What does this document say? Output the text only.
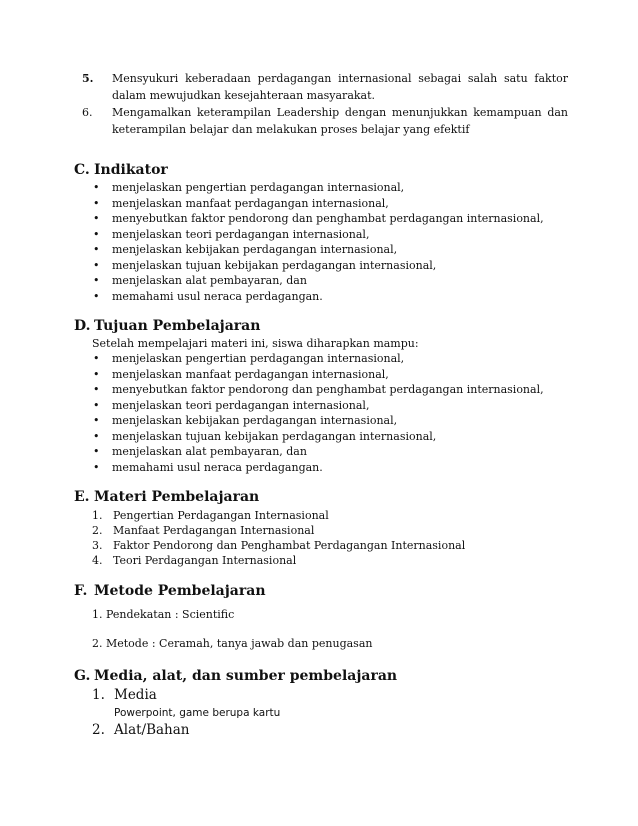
5. Mensyukuri keberadaan perdagangan internasional sebagai salah satu faktor dalam mewujudkan kesejahteraan masyarakat.
6. Mengamalkan keterampilan Leadership dengan menunjukkan kemampuan dan keterampilan belajar dan melakukan proses belajar yang efektif
C. Indikator
• menjelaskan pengertian perdagangan internasional,
• menjelaskan manfaat perdagangan internasional,
• menyebutkan faktor pendorong dan penghambat perdagangan internasional,
• menjelaskan teori perdagangan internasional,
• menjelaskan kebijakan perdagangan internasional,
• menjelaskan tujuan kebijakan perdagangan internasional,
• menjelaskan alat pembayaran, dan
• memahami usul neraca perdagangan.
D. Tujuan Pembelajaran
Setelah mempelajari materi ini, siswa diharapkan mampu:
• menjelaskan pengertian perdagangan internasional,
• menjelaskan manfaat perdagangan internasional,
• menyebutkan faktor pendorong dan penghambat perdagangan internasional,
• menjelaskan teori perdagangan internasional,
• menjelaskan kebijakan perdagangan internasional,
• menjelaskan tujuan kebijakan perdagangan internasional,
• menjelaskan alat pembayaran, dan
• memahami usul neraca perdagangan.
E. Materi Pembelajaran
1. Pengertian Perdagangan Internasional
2. Manfaat Perdagangan Internasional
3. Faktor Pendorong dan Penghambat Perdagangan Internasional
4. Teori Perdagangan Internasional
F. Metode Pembelajaran
1. Pendekatan : Scientific
2. Metode : Ceramah, tanya jawab dan penugasan
G. Media, alat, dan sumber pembelajaran
1. Media
Powerpoint, game berupa kartu
2. Alat/Bahan
